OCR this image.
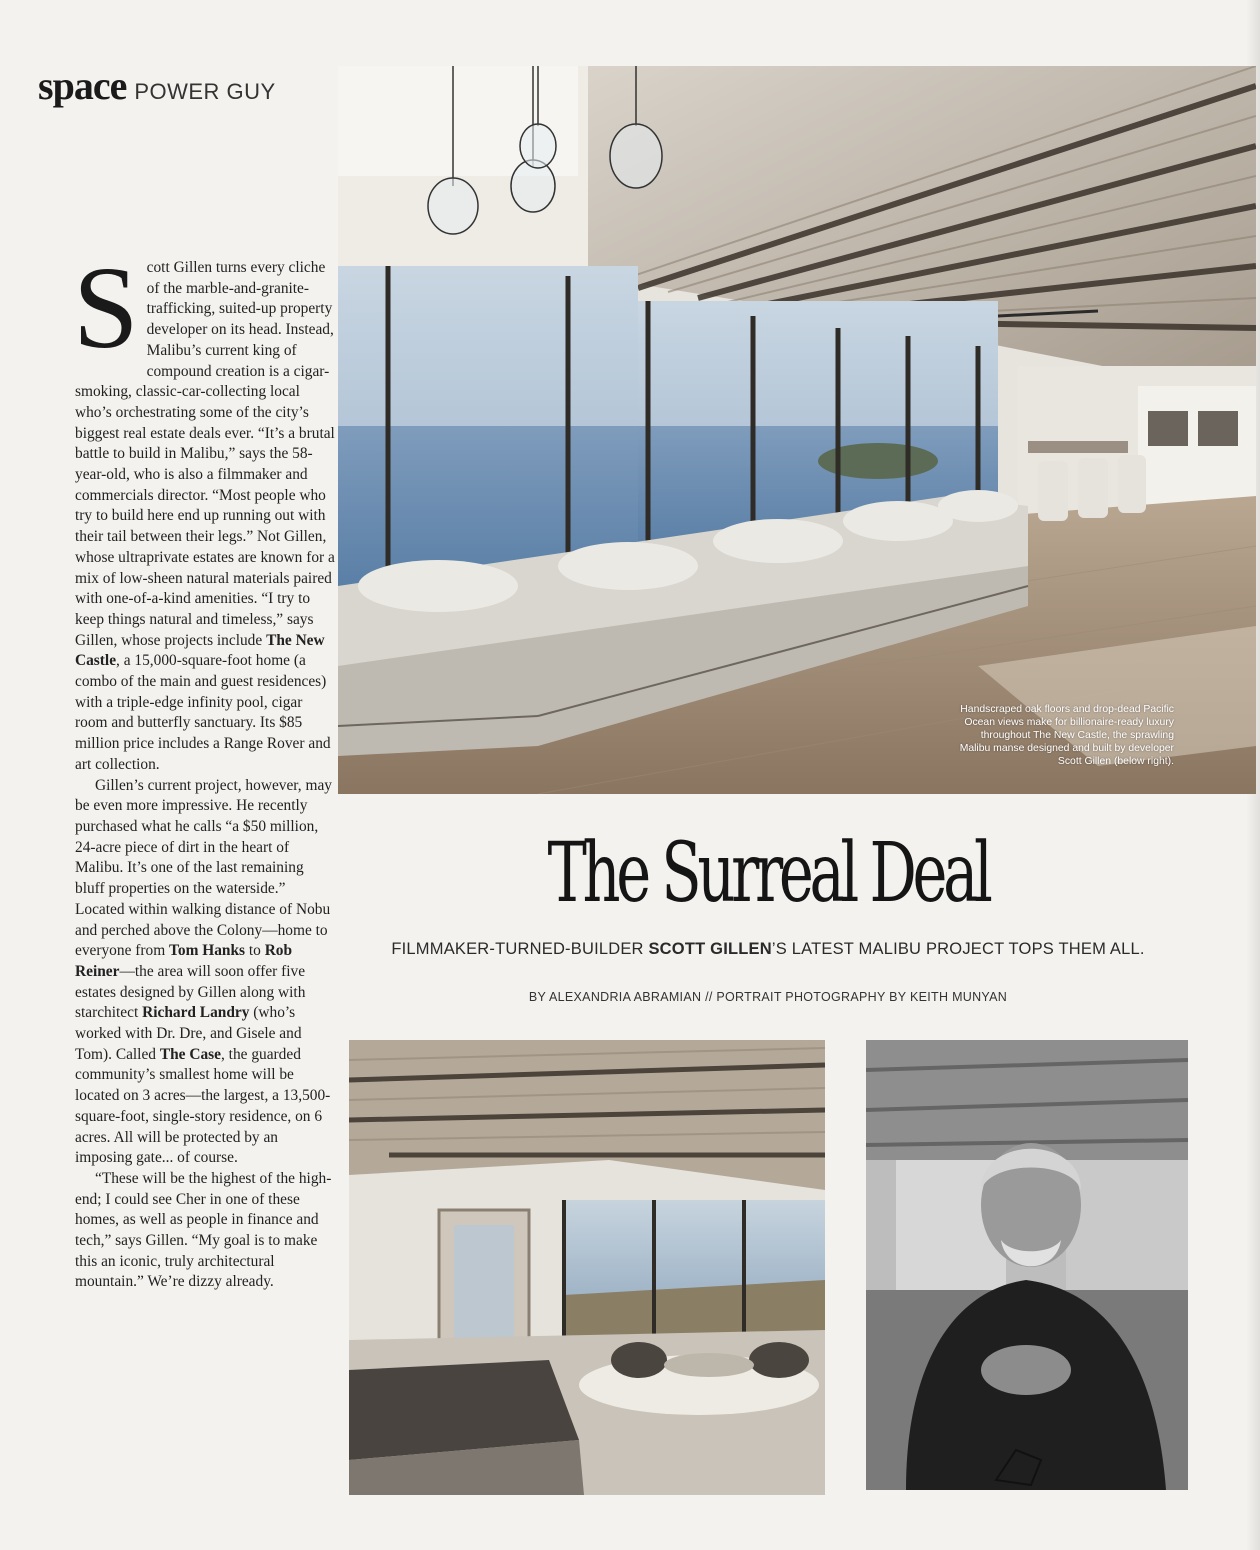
space POWER GUY
Handscraped oak floors and drop-dead Pacific Ocean views make for billionaire-ready luxury throughout The New Castle, the sprawling Malibu manse designed and built by developer Scott Gillen (below right).
The Surreal Deal
FILMMAKER-TURNED-BUILDER SCOTT GILLEN’S LATEST MALIBU PROJECT TOPS THEM ALL.
BY ALEXANDRIA ABRAMIAN // PORTRAIT PHOTOGRAPHY BY KEITH MUNYAN

Scott Gillen turns every cliche of the marble-and-granite-trafficking, suited-up property developer on its head. Instead, Malibu’s current king of compound creation is a cigar-smoking, classic-car-collecting local who’s orchestrating some of the city’s biggest real estate deals ever. “It’s a brutal battle to build in Malibu,” says the 58-year-old, who is also a filmmaker and commercials director. “Most people who try to build here end up running out with their tail between their legs.” Not Gillen, whose ultraprivate estates are known for a mix of low-sheen natural materials paired with one-of-a-kind amenities. “I try to keep things natural and timeless,” says Gillen, whose projects include The New Castle, a 15,000-square-foot home (a combo of the main and guest residences) with a triple-edge infinity pool, cigar room and butterfly sanctuary. Its $85 million price includes a Range Rover and art collection.

Gillen’s current project, however, may be even more impressive. He recently purchased what he calls “a $50 million, 24-acre piece of dirt in the heart of Malibu. It’s one of the last remaining bluff properties on the waterside.” Located within walking distance of Nobu and perched above the Colony—home to everyone from Tom Hanks to Rob Reiner—the area will soon offer five estates designed by Gillen along with starchitect Richard Landry (who’s worked with Dr. Dre, and Gisele and Tom). Called The Case, the guarded community’s smallest home will be located on 3 acres—the largest, a 13,500-square-foot, single-story residence, on 6 acres. All will be protected by an imposing gate... of course.

“These will be the highest of the high-end; I could see Cher in one of these homes, as well as people in finance and tech,” says Gillen. “My goal is to make this an iconic, truly architectural mountain.” We’re dizzy already.
